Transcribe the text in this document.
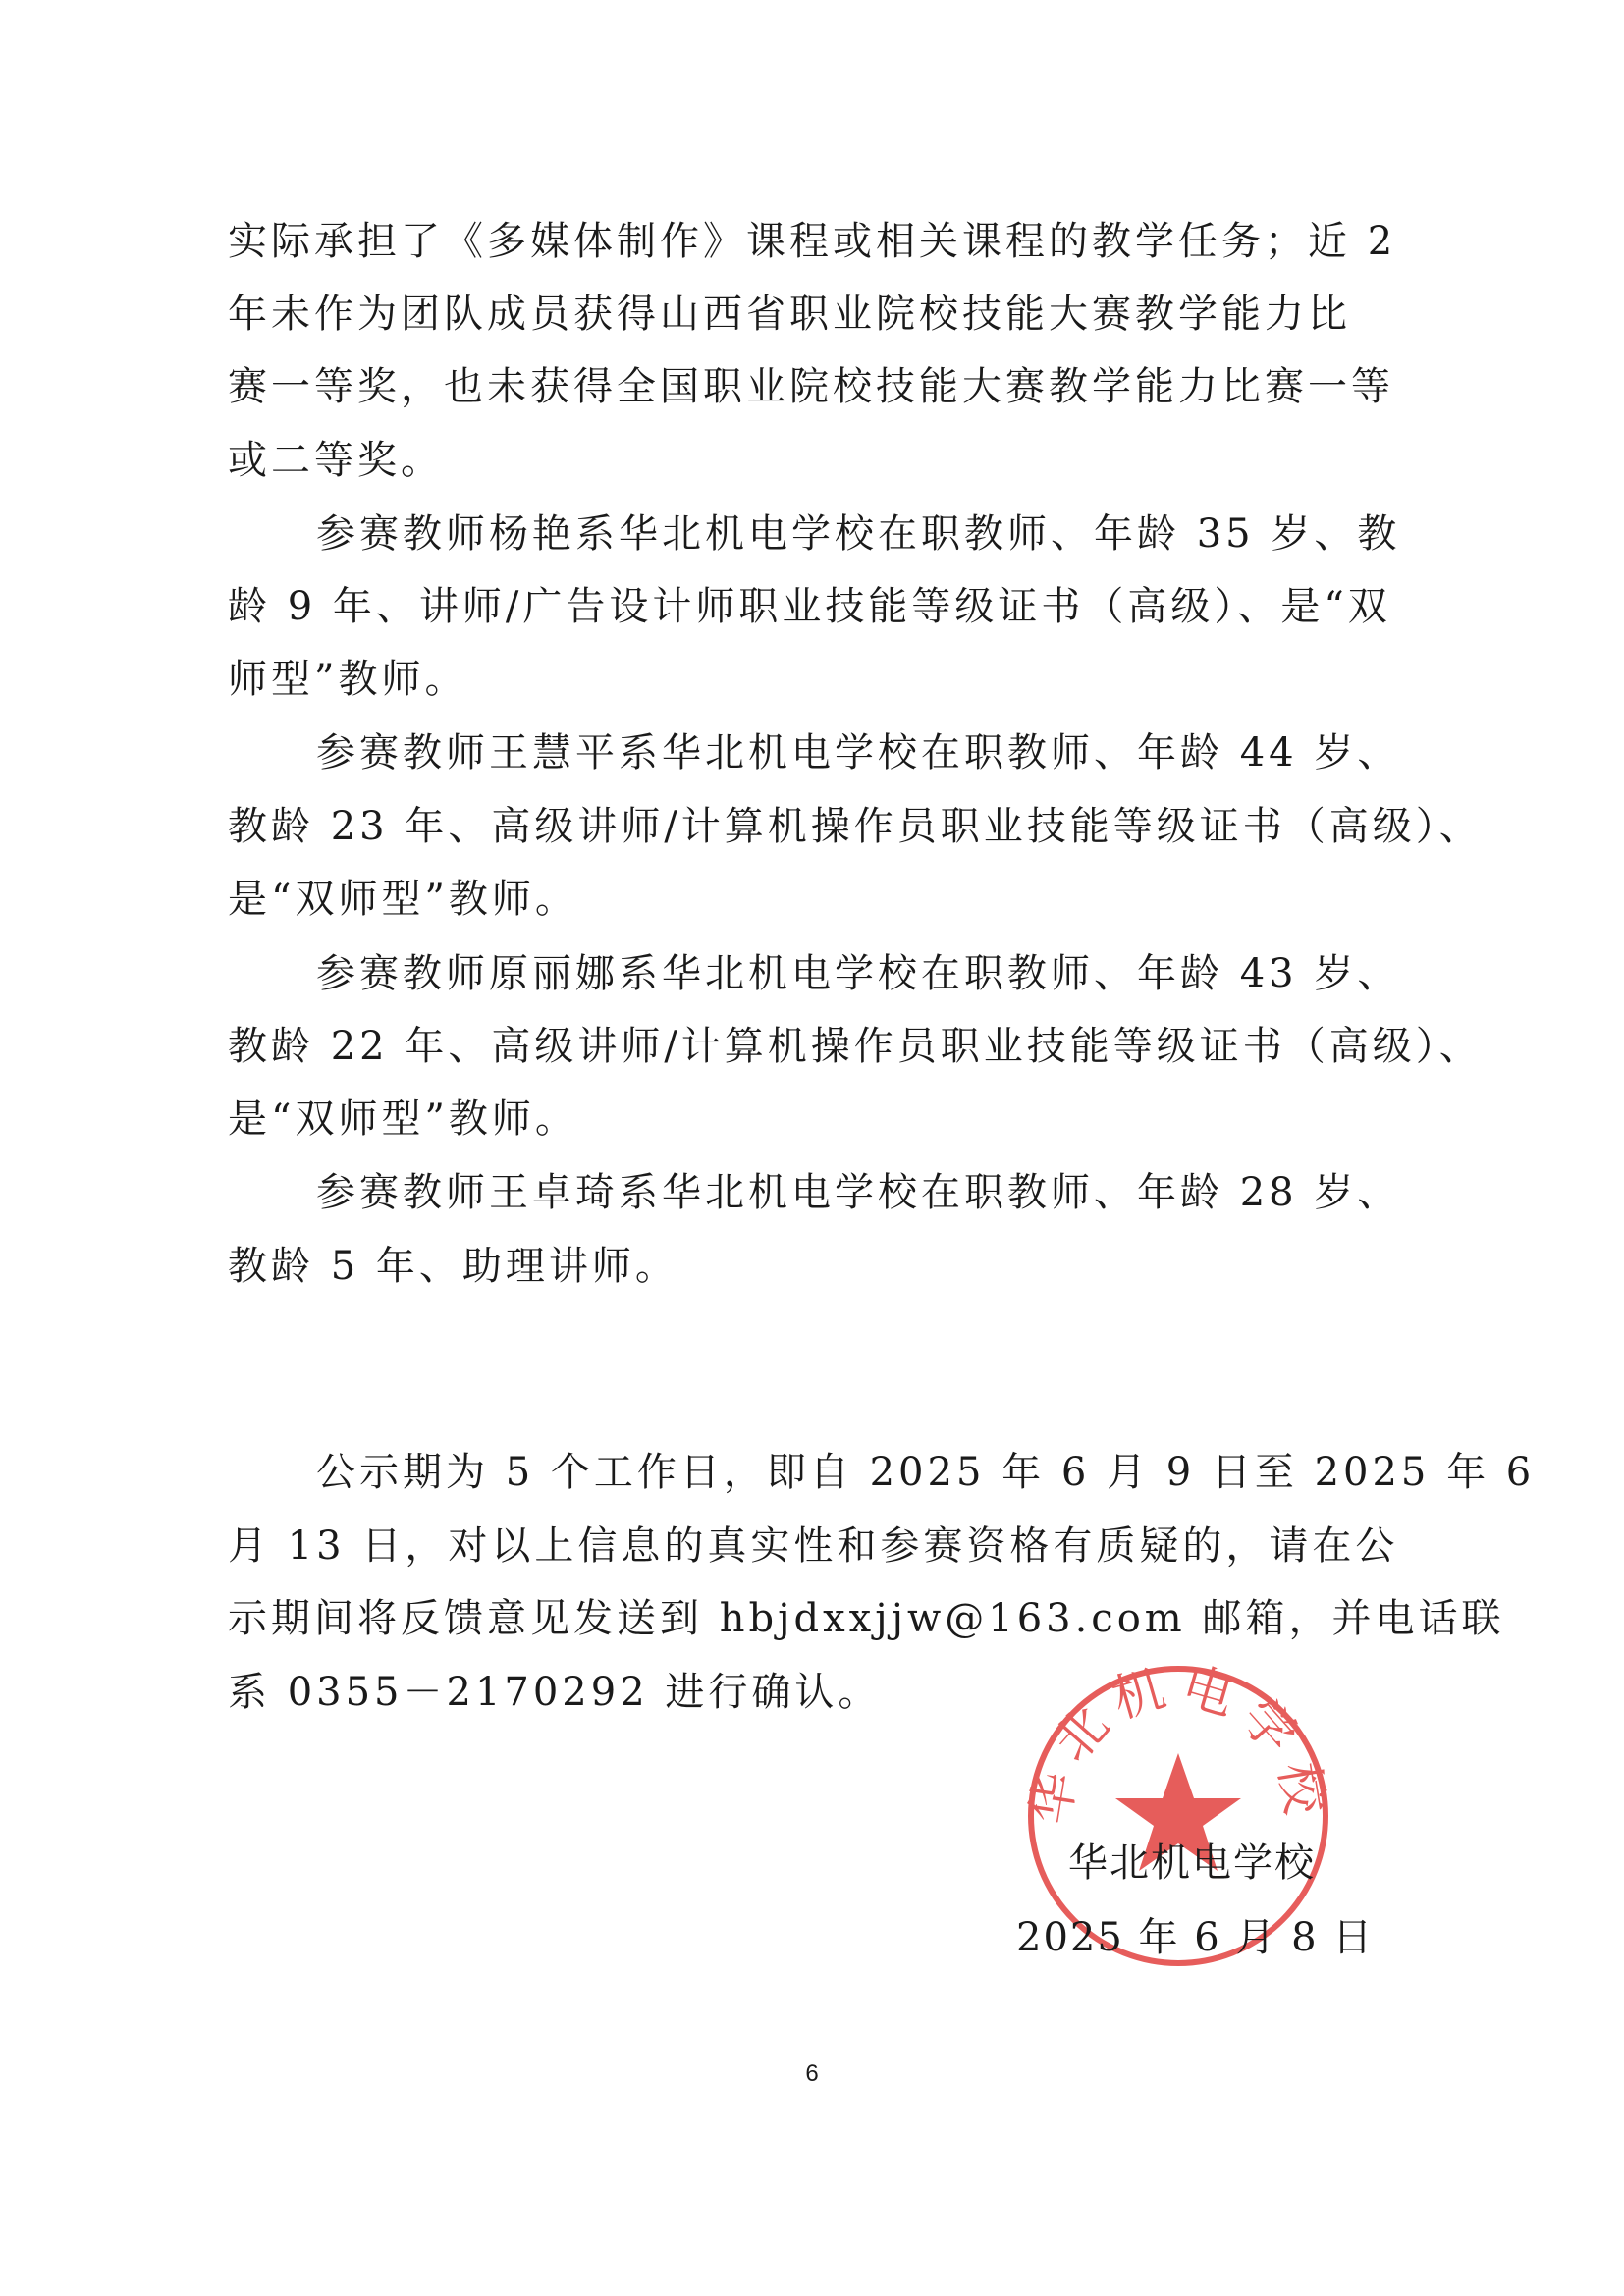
实际承担了《多媒体制作》课程或相关课程的教学任务；近 2
年未作为团队成员获得山西省职业院校技能大赛教学能力比
赛一等奖，也未获得全国职业院校技能大赛教学能力比赛一等
或二等奖。
参赛教师杨艳系华北机电学校在职教师、年龄 35 岁、教
龄 9 年、讲师/广告设计师职业技能等级证书（高级）、是“双
师型”教师。
参赛教师王慧平系华北机电学校在职教师、年龄 44 岁、
教龄 23 年、高级讲师/计算机操作员职业技能等级证书（高级）、
是“双师型”教师。
参赛教师原丽娜系华北机电学校在职教师、年龄 43 岁、
教龄 22 年、高级讲师/计算机操作员职业技能等级证书（高级）、
是“双师型”教师。
参赛教师王卓琦系华北机电学校在职教师、年龄 28 岁、
教龄 5 年、助理讲师。
公示期为 5 个工作日，即自 2025 年 6 月 9 日至 2025 年 6
月 13 日，对以上信息的真实性和参赛资格有质疑的，请在公
示期间将反馈意见发送到 hbjdxxjjw@163.com 邮箱，并电话联
系 0355－2170292 进行确认。
华北机电学校
华北机电学校
2025 年 6 月 8 日
6
